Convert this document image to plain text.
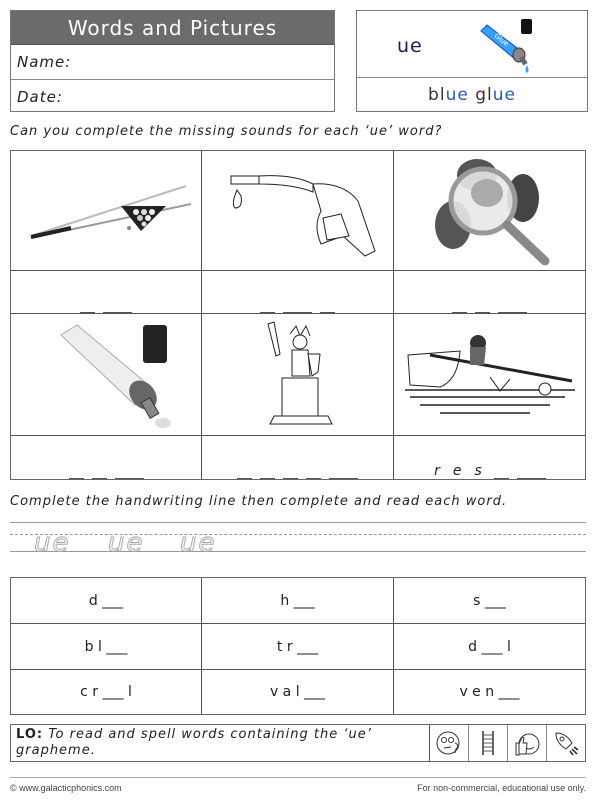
Words and Pictures
Name:
Date:
ue	Glue
bl ue gl ue
Can you complete the missing sounds for each ‘ue’ word?
r e s
Complete the handwriting line then complete and read each word.
ue ue ue
d ___	h ___	s ___
b l ___	t r ___	d ___ l
c r ___ l	v a l ___	v e n ___
LO: To read and spell words containing the ‘ue’ grapheme.
© www.galacticphonics.com	For non-commercial, educational use only.
